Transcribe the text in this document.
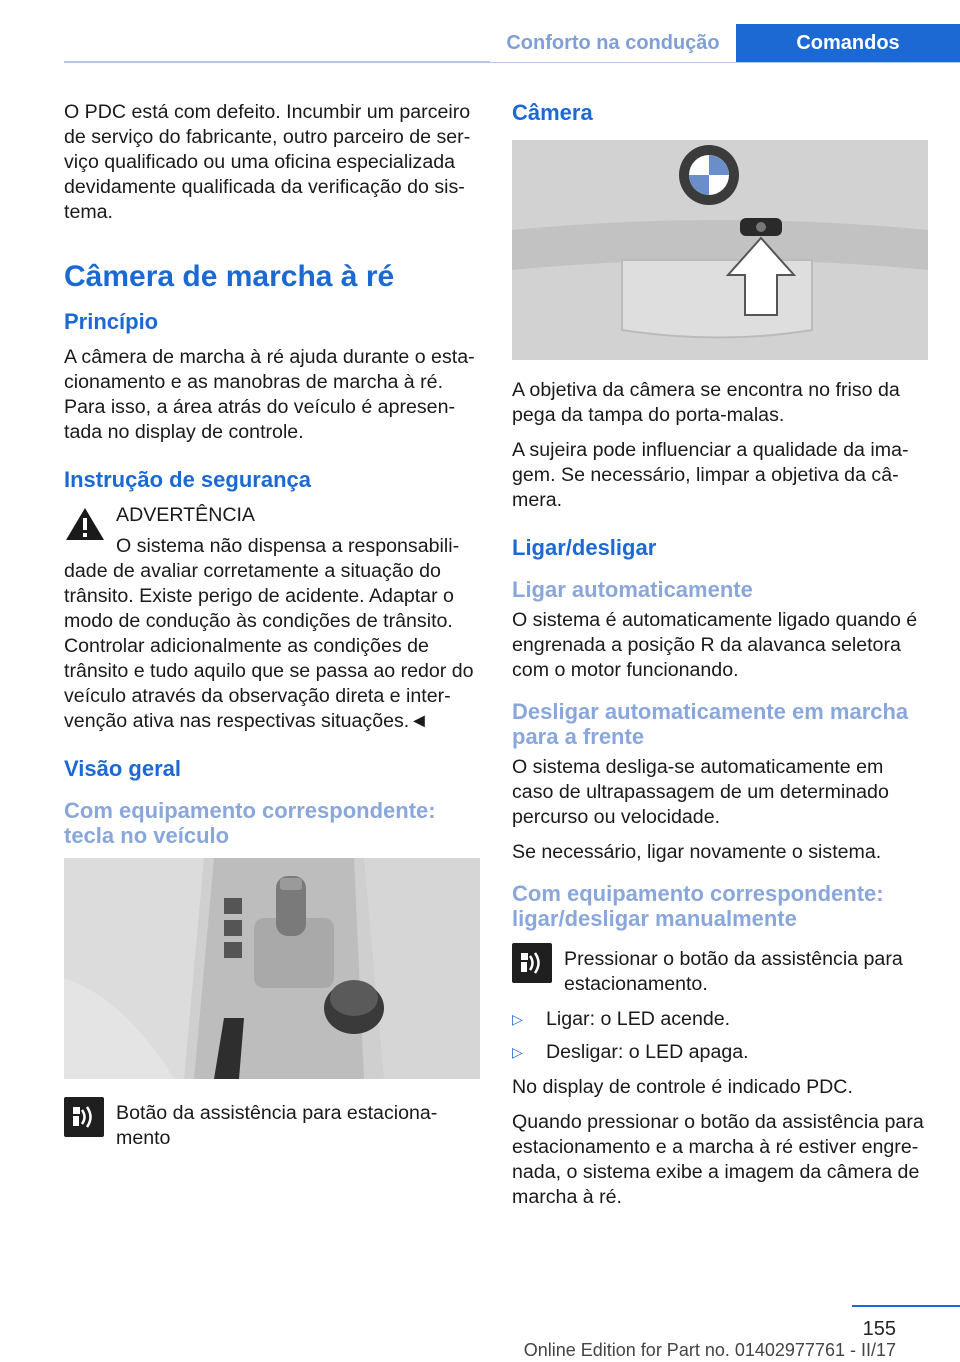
Conforto na condução	Comandos

O PDC está com defeito. Incumbir um parceiro de serviço do fabricante, outro parceiro de serviço qualificado ou uma oficina especializada devidamente qualificada da verificação do sistema.

Câmera de marcha à ré
Princípio

A câmera de marcha à ré ajuda durante o estacionamento e as manobras de marcha à ré. Para isso, a área atrás do veículo é apresentada no display de controle.

Instrução de segurança

ADVERTÊNCIA

O sistema não dispensa a responsabilidade de avaliar corretamente a situação do trânsito. Existe perigo de acidente. Adaptar o modo de condução às condições de trânsito. Controlar adicionalmente as condições de trânsito e tudo aquilo que se passa ao redor do veículo através da observação direta e intervenção ativa nas respectivas situações.◄

Visão geral
Com equipamento correspondente: tecla no veículo

Botão da assistência para estacionamento

Câmera

A objetiva da câmera se encontra no friso da pega da tampa do porta-malas.

A sujeira pode influenciar a qualidade da imagem. Se necessário, limpar a objetiva da câmera.

Ligar/desligar
Ligar automaticamente

O sistema é automaticamente ligado quando é engrenada a posição R da alavanca seletora com o motor funcionando.

Desligar automaticamente em marcha para a frente

O sistema desliga-se automaticamente em caso de ultrapassagem de um determinado percurso ou velocidade.

Se necessário, ligar novamente o sistema.

Com equipamento correspondente: ligar/desligar manualmente

Pressionar o botão da assistência para estacionamento.

▷	Ligar: o LED acende.
▷	Desligar: o LED apaga.

No display de controle é indicado PDC.

Quando pressionar o botão da assistência para estacionamento e a marcha à ré estiver engrenada, o sistema exibe a imagem da câmera de marcha à ré.

155
Online Edition for Part no. 01402977761 - II/17
